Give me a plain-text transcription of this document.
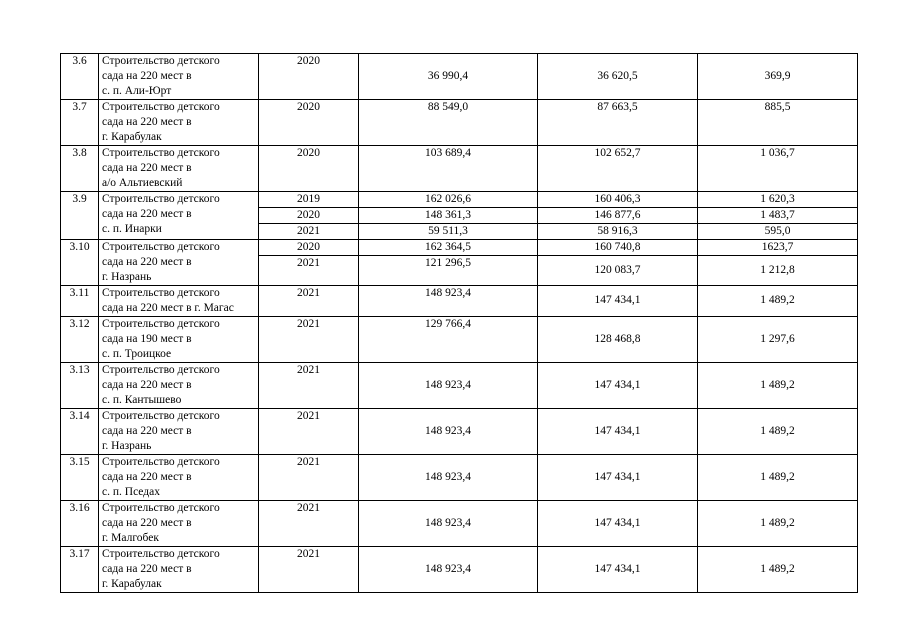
3.6	Строительство детского
сада на 220 мест в
с. п. Али-Юрт	2020	36 990,4	36 620,5	369,9
3.7	Строительство детского
сада на 220 мест в
г. Карабулак	2020	88 549,0	87 663,5	885,5
3.8	Строительство детского
сада на 220 мест в
а/о Альтиевский	2020	103 689,4	102 652,7	1 036,7
3.9	Строительство детского
сада на 220 мест в
с. п. Инарки	2019	162 026,6	160 406,3	1 620,3
		2020	148 361,3	146 877,6	1 483,7
		2021	59 511,3	58 916,3	595,0
3.10	Строительство детского
сада на 220 мест в
г. Назрань	2020	162 364,5	160 740,8	1623,7
		2021	121 296,5	120 083,7	1 212,8
3.11	Строительство детского
сада на 220 мест в г. Магас	2021	148 923,4	147 434,1	1 489,2
3.12	Строительство детского
сада на 190 мест в
с. п. Троицкое	2021	129 766,4	128 468,8	1 297,6
3.13	Строительство детского
сада на 220 мест в
с. п. Кантышево	2021	148 923,4	147 434,1	1 489,2
3.14	Строительство детского
сада на 220 мест в
г. Назрань	2021	148 923,4	147 434,1	1 489,2
3.15	Строительство детского
сада на 220 мест в
с. п. Пседах	2021	148 923,4	147 434,1	1 489,2
3.16	Строительство детского
сада на 220 мест в
г. Малгобек	2021	148 923,4	147 434,1	1 489,2
3.17	Строительство детского
сада на 220 мест в
г. Карабулак	2021	148 923,4	147 434,1	1 489,2
